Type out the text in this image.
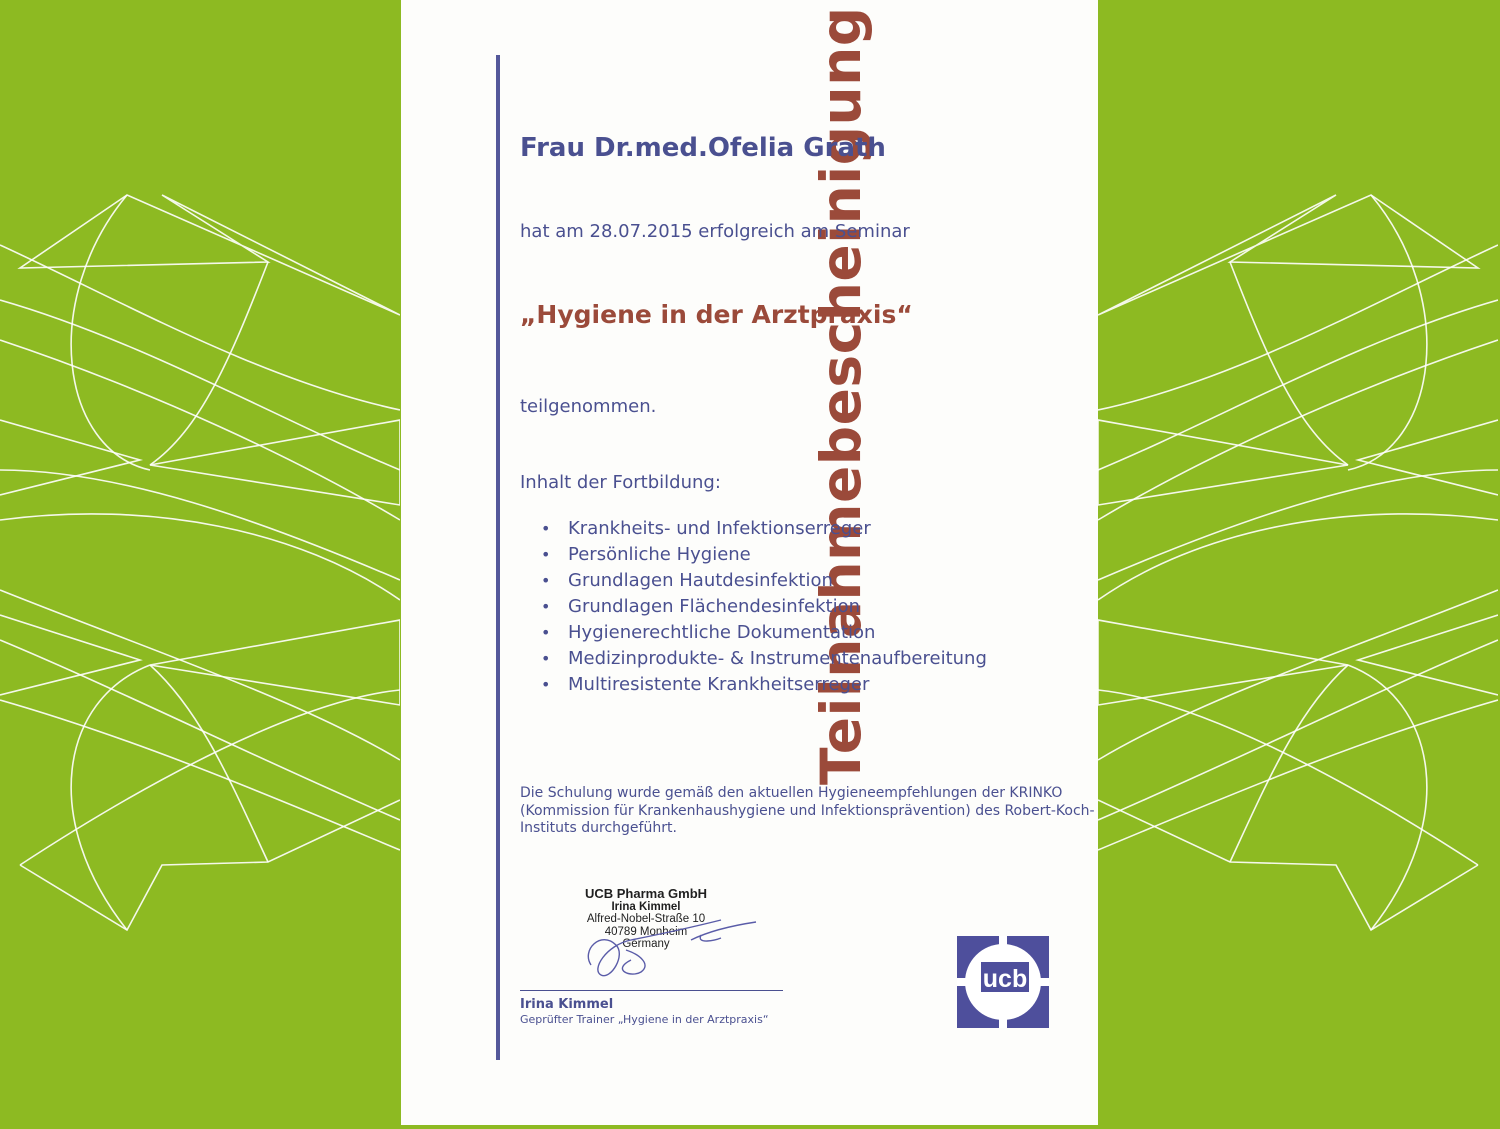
Teilnahmebescheinigung
Frau Dr.med.Ofelia Grath
hat am 28.07.2015 erfolgreich am Seminar
„Hygiene in der Arztpraxis“
teilgenommen.
Inhalt der Fortbildung:
• Krankheits- und Infektionserreger
• Persönliche Hygiene
• Grundlagen Hautdesinfektion
• Grundlagen Flächendesinfektion
• Hygienerechtliche Dokumentation
• Medizinprodukte- & Instrumentenaufbereitung
• Multiresistente Krankheitserreger
Die Schulung wurde gemäß den aktuellen Hygieneempfehlungen der KRINKO (Kommission für Krankenhaushygiene und Infektionsprävention) des Robert-Koch-Instituts durchgeführt.
UCB Pharma GmbH
Irina Kimmel
Alfred-Nobel-Straße 10
40789 Monheim
Germany
Irina Kimmel
Geprüfter Trainer „Hygiene in der Arztpraxis“
ucb
